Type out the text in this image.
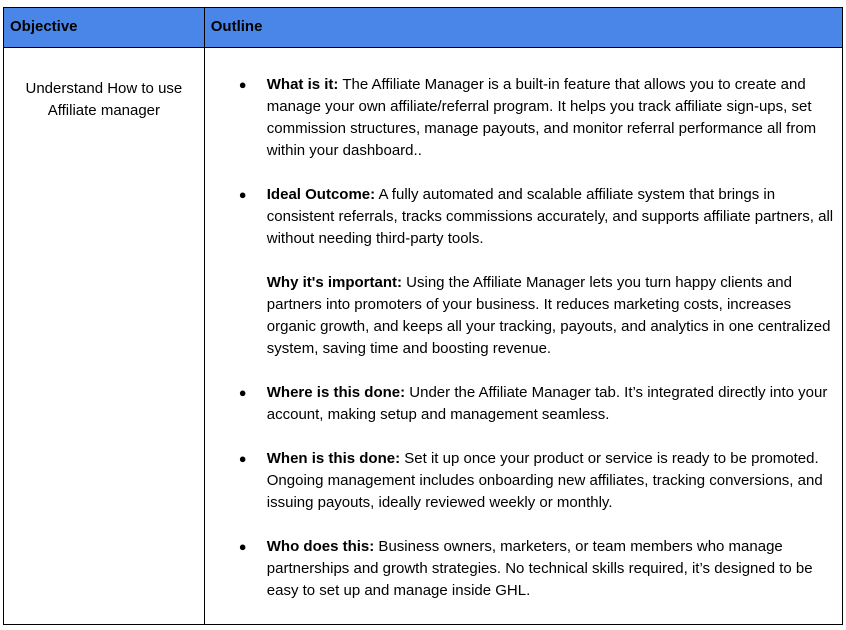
Objective	Outline
Understand How to use Affiliate manager
● What is it: The Affiliate Manager is a built-in feature that allows you to create and manage your own affiliate/referral program. It helps you track affiliate sign-ups, set commission structures, manage payouts, and monitor referral performance all from within your dashboard..
● Ideal Outcome: A fully automated and scalable affiliate system that brings in consistent referrals, tracks commissions accurately, and supports affiliate partners, all without needing third-party tools.
Why it's important: Using the Affiliate Manager lets you turn happy clients and partners into promoters of your business. It reduces marketing costs, increases organic growth, and keeps all your tracking, payouts, and analytics in one centralized system, saving time and boosting revenue.
● Where is this done: Under the Affiliate Manager tab. It’s integrated directly into your account, making setup and management seamless.
● When is this done: Set it up once your product or service is ready to be promoted. Ongoing management includes onboarding new affiliates, tracking conversions, and issuing payouts, ideally reviewed weekly or monthly.
● Who does this: Business owners, marketers, or team members who manage partnerships and growth strategies. No technical skills required, it’s designed to be easy to set up and manage inside GHL.
